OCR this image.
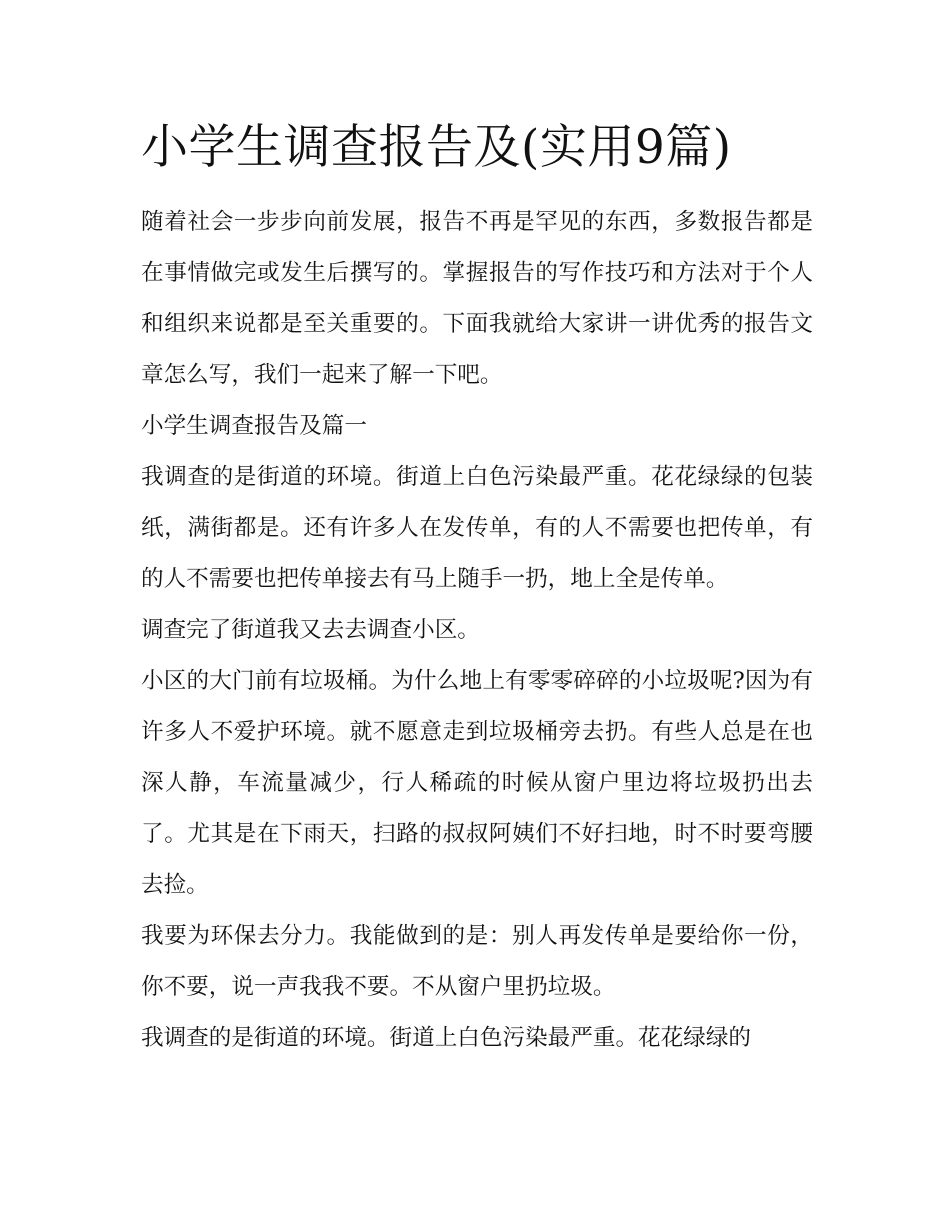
小学生调查报告及(实用9篇)

随着社会一步步向前发展，报告不再是罕见的东西，多数报告都是在事情做完或发生后撰写的。掌握报告的写作技巧和方法对于个人和组织来说都是至关重要的。下面我就给大家讲一讲优秀的报告文章怎么写，我们一起来了解一下吧。

小学生调查报告及篇一

我调查的是街道的环境。街道上白色污染最严重。花花绿绿的包装纸，满街都是。还有许多人在发传单，有的人不需要也把传单，有的人不需要也把传单接去有马上随手一扔，地上全是传单。

调查完了街道我又去去调查小区。

小区的大门前有垃圾桶。为什么地上有零零碎碎的小垃圾呢?因为有许多人不爱护环境。就不愿意走到垃圾桶旁去扔。有些人总是在也深人静，车流量减少，行人稀疏的时候从窗户里边将垃圾扔出去了。尤其是在下雨天，扫路的叔叔阿姨们不好扫地，时不时要弯腰去捡。

我要为环保去分力。我能做到的是：别人再发传单是要给你一份，你不要，说一声我我不要。不从窗户里扔垃圾。

我调查的是街道的环境。街道上白色污染最严重。花花绿绿的
